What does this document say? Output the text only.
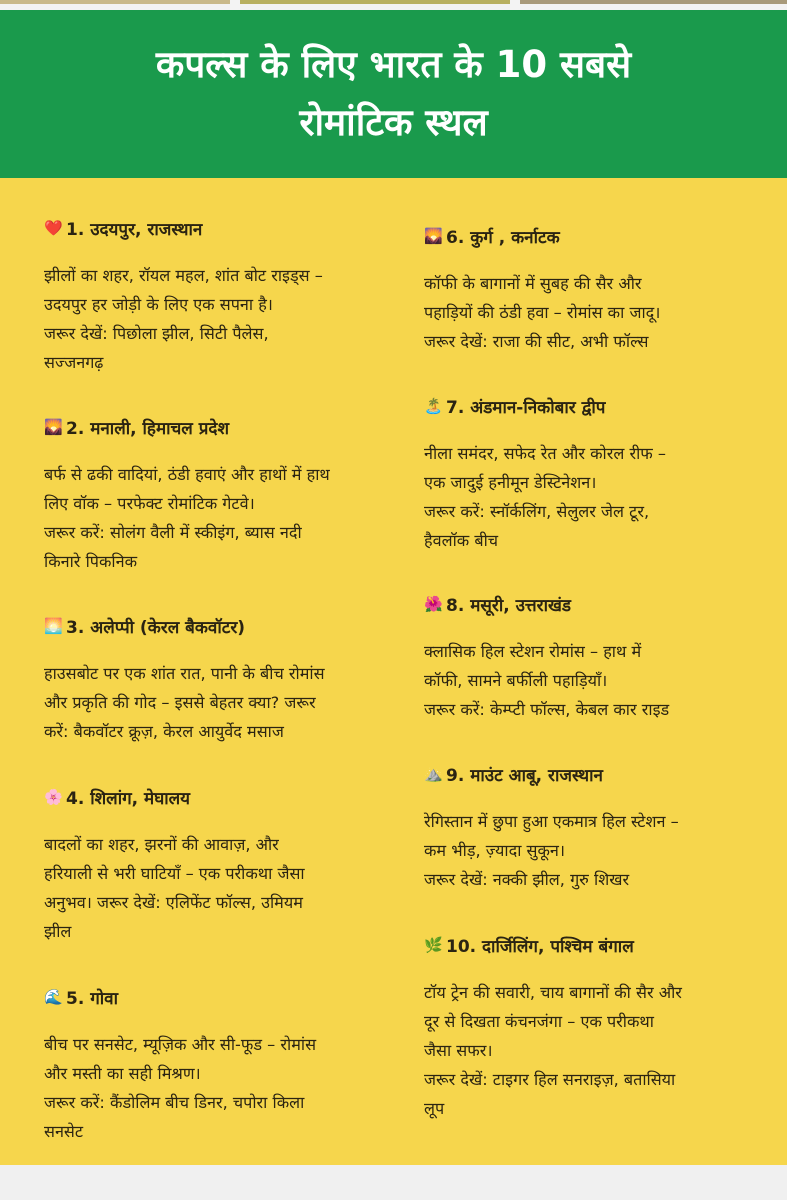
कपल्स के लिए भारत के 10 सबसे
रोमांटिक स्थल
❤️ 1. उदयपुर, राजस्थान
झीलों का शहर, रॉयल महल, शांत बोट राइड्स –
उदयपुर हर जोड़ी के लिए एक सपना है।
जरूर देखें: पिछोला झील, सिटी पैलेस,
सज्जनगढ़
🌄 2. मनाली, हिमाचल प्रदेश
बर्फ से ढकी वादियां, ठंडी हवाएं और हाथों में हाथ
लिए वॉक – परफेक्ट रोमांटिक गेटवे।
जरूर करें: सोलंग वैली में स्कीइंग, ब्यास नदी
किनारे पिकनिक
🌅 3. अलेप्पी (केरल बैकवॉटर)
हाउसबोट पर एक शांत रात, पानी के बीच रोमांस
और प्रकृति की गोद – इससे बेहतर क्या? जरूर
करें: बैकवॉटर क्रूज़, केरल आयुर्वेद मसाज
🌸 4. शिलांग, मेघालय
बादलों का शहर, झरनों की आवाज़, और
हरियाली से भरी घाटियाँ – एक परीकथा जैसा
अनुभव। जरूर देखें: एलिफेंट फॉल्स, उमियम
झील
🌊 5. गोवा
बीच पर सनसेट, म्यूज़िक और सी-फूड – रोमांस
और मस्ती का सही मिश्रण।
जरूर करें: कैंडोलिम बीच डिनर, चपोरा किला
सनसेट
🌄 6. कुर्ग , कर्नाटक
कॉफी के बागानों में सुबह की सैर और
पहाड़ियों की ठंडी हवा – रोमांस का जादू।
जरूर देखें: राजा की सीट, अभी फॉल्स
🏝️ 7. अंडमान-निकोबार द्वीप
नीला समंदर, सफेद रेत और कोरल रीफ –
एक जादुई हनीमून डेस्टिनेशन।
जरूर करें: स्नॉर्कलिंग, सेलुलर जेल टूर,
हैवलॉक बीच
🌺 8. मसूरी, उत्तराखंड
क्लासिक हिल स्टेशन रोमांस – हाथ में
कॉफी, सामने बर्फीली पहाड़ियाँ।
जरूर करें: केम्प्टी फॉल्स, केबल कार राइड
⛰️ 9. माउंट आबू, राजस्थान
रेगिस्तान में छुपा हुआ एकमात्र हिल स्टेशन –
कम भीड़, ज़्यादा सुकून।
जरूर देखें: नक्की झील, गुरु शिखर
🌿 10. दार्जिलिंग, पश्चिम बंगाल
टॉय ट्रेन की सवारी, चाय बागानों की सैर और
दूर से दिखता कंचनजंगा – एक परीकथा
जैसा सफर।
जरूर देखें: टाइगर हिल सनराइज़, बतासिया
लूप
